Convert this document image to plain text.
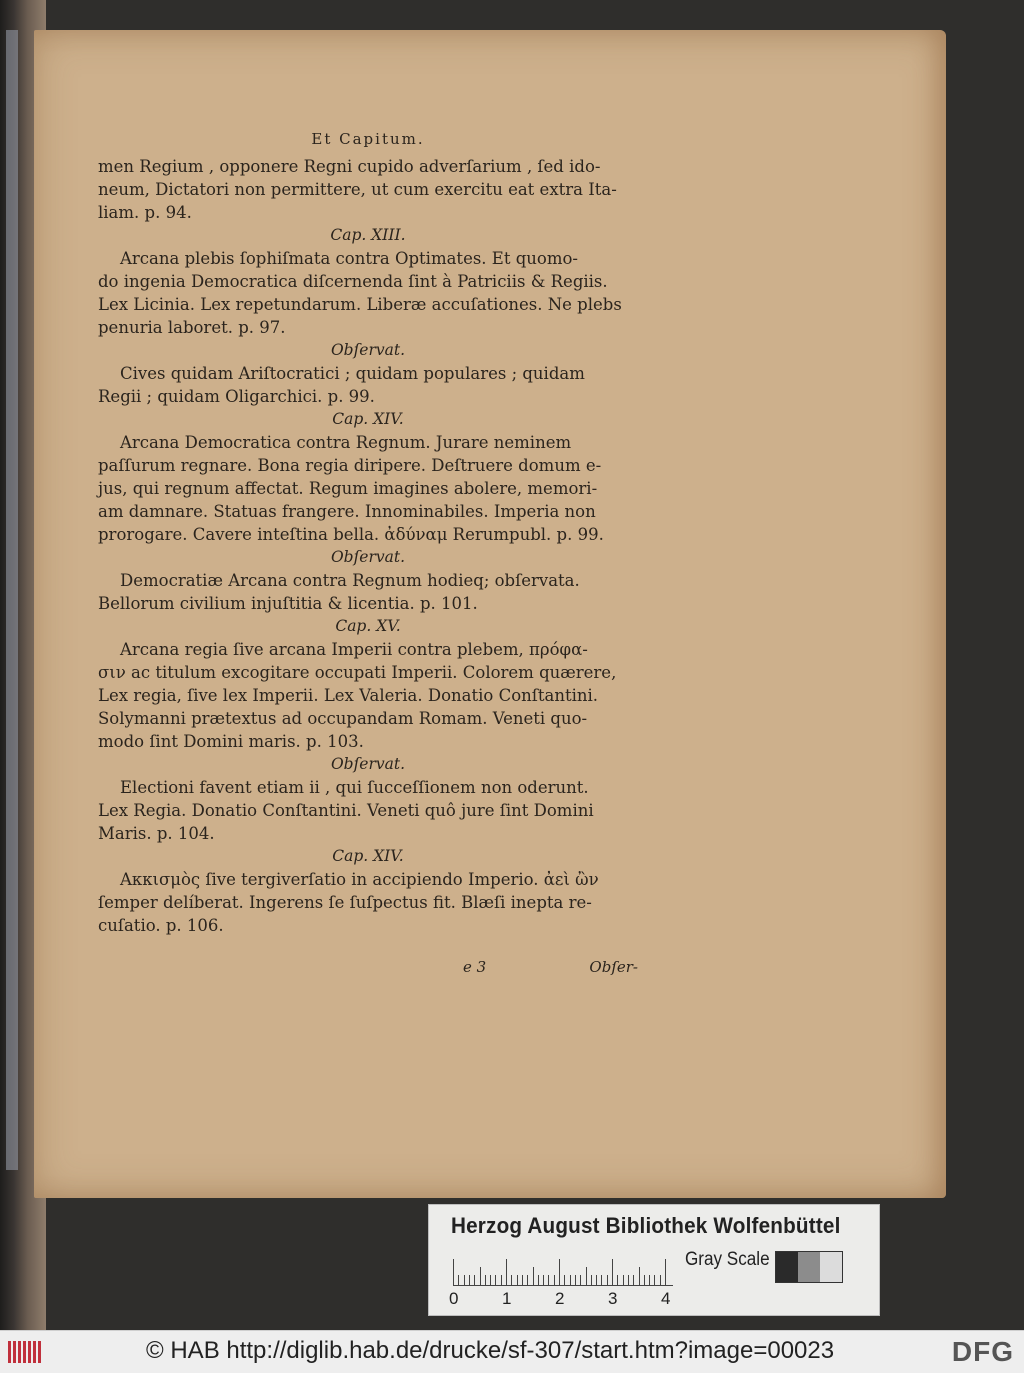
Et Capitum.

men Regium , opponere Regni cupido adverſarium , ſed ido-

neum, Dictatori non permittere, ut cum exercitu eat extra Ita-

liam. p. 94.

Cap. XIII.

Arcana plebis ſophiſmata contra Optimates. Et quomo-

do ingenia Democratica diſcernenda ſint à Patriciis & Regiis.

Lex Licinia. Lex repetundarum. Liberæ accuſationes. Ne plebs

penuria laboret. p. 97.

Obſervat.

Cives quidam Ariſtocratici ; quidam populares ; quidam

Regii ; quidam Oligarchici. p. 99.

Cap. XIV.

Arcana Democratica contra Regnum. Jurare neminem

paſſurum regnare. Bona regia diripere. Deſtruere domum e-

jus, qui regnum affectat. Regum imagines abolere, memori-

am damnare. Statuas frangere. Innominabiles. Imperia non

prorogare. Cavere inteſtina bella. ἀδύναμ Rerumpubl. p. 99.

Obſervat.

Democratiæ Arcana contra Regnum hodieq; obſervata.

Bellorum civilium injuſtitia & licentia. p. 101.

Cap. XV.

Arcana regia ſive arcana Imperii contra plebem, πρόφα-

σιν ac titulum excogitare occupati Imperii. Colorem quærere,

Lex regia, ſive lex Imperii. Lex Valeria. Donatio Conſtantini.

Solymanni prætextus ad occupandam Romam. Veneti quo-

modo ſint Domini maris. p. 103.

Obſervat.

Electioni favent etiam ii , qui ſucceſſionem non oderunt.

Lex Regia. Donatio Conſtantini. Veneti quô jure ſint Domini

Maris. p. 104.

Cap. XIV.

Ακκισμὸς ſive tergiverſatio in accipiendo Imperio. ἀεὶ ὢν

ſemper delíberat. Ingerens ſe ſuſpectus fit. Blæſi inepta re-

cuſatio. p. 106.

e 3	Obſer-
Herzog August Bibliothek Wolfenbüttel
0	1	2	3	4
Gray Scale
© HAB http://diglib.hab.de/drucke/sf-307/start.htm?image=00023	DFG
